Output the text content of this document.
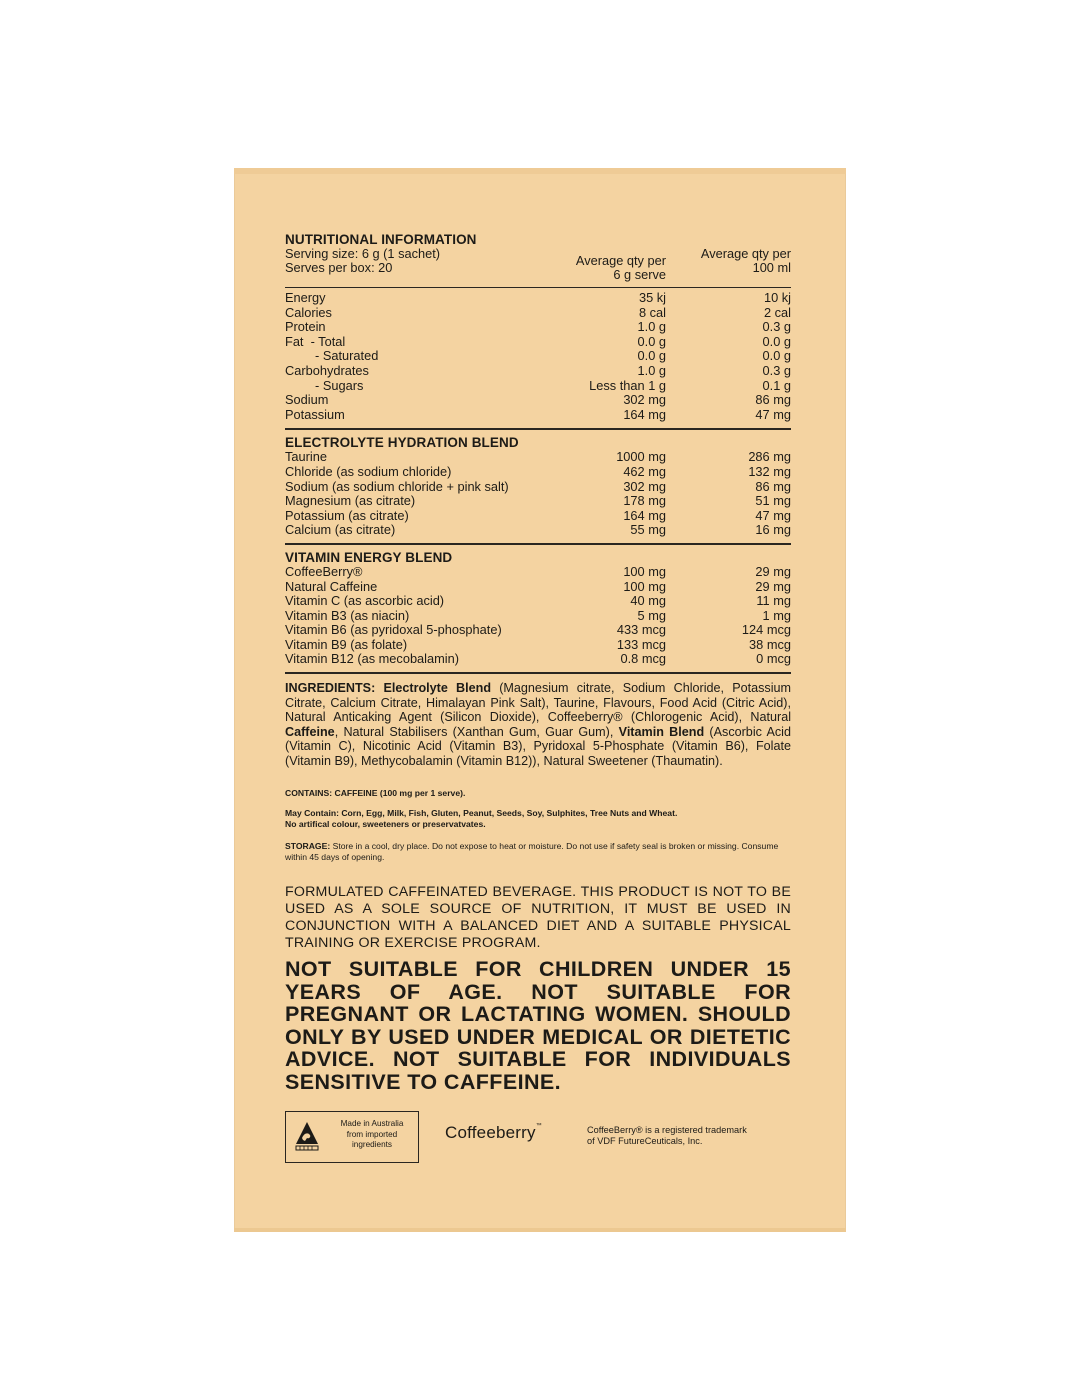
NUTRITIONAL INFORMATION
Serving size: 6 g (1 sachet)
Serves per box: 20	Average qty per
6 g serve
Average qty per
100 ml
Energy	35 kj	10 kj
Calories	8 cal	2 cal
Protein	1.0 g	0.3 g
Fat  - Total	0.0 g	0.0 g
- Saturated	0.0 g	0.0 g
Carbohydrates	1.0 g	0.3 g
- Sugars	Less than 1 g	0.1 g
Sodium	302 mg	86 mg
Potassium	164 mg	47 mg
ELECTROLYTE HYDRATION BLEND
Taurine	1000 mg	286 mg
Chloride (as sodium chloride)	462 mg	132 mg
Sodium (as sodium chloride + pink salt)	302 mg	86 mg
Magnesium (as citrate)	178 mg	51 mg
Potassium (as citrate)	164 mg	47 mg
Calcium (as citrate)	55 mg	16 mg
VITAMIN ENERGY BLEND
CoffeeBerry®	100 mg	29 mg
Natural Caffeine	100 mg	29 mg
Vitamin C (as ascorbic acid)	40 mg	11 mg
Vitamin B3 (as niacin)	5 mg	1 mg
Vitamin B6 (as pyridoxal 5-phosphate)	433 mcg	124 mcg
Vitamin B9 (as folate)	133 mcg	38 mcg
Vitamin B12 (as mecobalamin)	0.8 mcg	0 mcg
INGREDIENTS: Electrolyte Blend (Magnesium citrate, Sodium Chloride, Potassium Citrate, Calcium Citrate, Himalayan Pink Salt), Taurine, Flavours, Food Acid (Citric Acid), Natural Anticaking Agent (Silicon Dioxide), Coffeeberry® (Chlorogenic Acid), Natural Caffeine, Natural Stabilisers (Xanthan Gum, Guar Gum), Vitamin Blend (Ascorbic Acid (Vitamin C), Nicotinic Acid (Vitamin B3), Pyridoxal 5-Phosphate (Vitamin B6), Folate (Vitamin B9), Methycobalamin (Vitamin B12)), Natural Sweetener (Thaumatin).
CONTAINS: CAFFEINE (100 mg per 1 serve).
May Contain: Corn, Egg, Milk, Fish, Gluten, Peanut, Seeds, Soy, Sulphites, Tree Nuts and Wheat.
No artifical colour, sweeteners or preservatvates.
STORAGE: Store in a cool, dry place. Do not expose to heat or moisture. Do not use if safety seal is broken or missing. Consume within 45 days of opening.
FORMULATED CAFFEINATED BEVERAGE. THIS PRODUCT IS NOT TO BE USED AS A SOLE SOURCE OF NUTRITION, IT MUST BE USED IN CONJUNCTION WITH A BALANCED DIET AND A SUITABLE PHYSICAL TRAINING OR EXERCISE PROGRAM.
NOT SUITABLE FOR CHILDREN UNDER 15
YEARS OF AGE. NOT SUITABLE FOR
PREGNANT OR LACTATING WOMEN. SHOULD
ONLY BY USED UNDER MEDICAL OR DIETETIC
ADVICE. NOT SUITABLE FOR INDIVIDUALS
SENSITIVE TO CAFFEINE.
Made in Australia
from imported
ingredients
Coffeeberry™	CoffeeBerry® is a registered trademark
of VDF FutureCeuticals, Inc.
